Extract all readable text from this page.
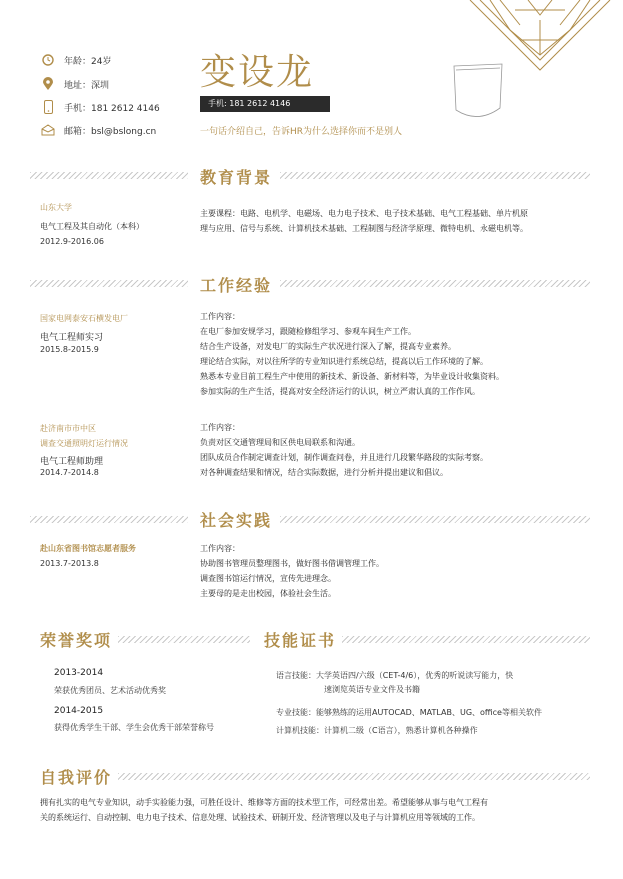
年龄：24岁
地址：深圳
手机：181 2612 4146
邮箱：bsl@bslong.cn
变设龙
手机: 181 2612 4146
一句话介绍自己，告诉HR为什么选择你而不是别人
教育背景
山东大学
电气工程及其自动化（本科）
2012.9-2016.06
主要课程：电路、电机学、电磁场、电力电子技术、电子技术基础、电气工程基础、单片机原
理与应用、信号与系统、计算机技术基础、工程制图与经济学原理、微特电机、永磁电机等。
工作经验
国家电网泰安石横发电厂
电气工程师实习
2015.8-2015.9
工作内容：
在电厂参加安规学习，跟随检修组学习、参观车间生产工作。
结合生产设备，对发电厂的实际生产状况进行深入了解，提高专业素养。
理论结合实际，对以往所学的专业知识进行系统总结，提高以后工作环境的了解。
熟悉本专业目前工程生产中使用的新技术、新设备、新材料等，为毕业设计收集资料。
参加实际的生产生活，提高对安全经济运行的认识，树立严肃认真的工作作风。
赴济南市市中区
调查交通照明灯运行情况
电气工程师助理
2014.7-2014.8
工作内容：
负责对区交通管理局和区供电局联系和沟通。
团队成员合作制定调查计划，制作调查问卷，并且进行几段繁华路段的实际考察。
对各种调查结果和情况，结合实际数据，进行分析并提出建议和倡议。
社会实践
赴山东省图书馆志愿者服务
2013.7-2013.8
工作内容：
协助图书管理员整理图书，做好图书借调管理工作。
调查图书馆运行情况，宣传先进理念。
主要母的是走出校园，体验社会生活。
荣誉奖项
2013-2014
荣获优秀团员、艺术活动优秀奖
2014-2015
获得优秀学生干部、学生会优秀干部荣誉称号
技能证书
语言技能：大学英语四/六级（CET-4/6），优秀的听说读写能力，快
速浏览英语专业文件及书籍
专业技能：能够熟练的运用AUTOCAD、MATLAB、UG、office等相关软件
计算机技能：计算机二级（C语言），熟悉计算机各种操作
自我评价
拥有扎实的电气专业知识，动手实验能力强，可胜任设计、维修等方面的技术型工作，可经常出差。希望能够从事与电气工程有
关的系统运行、自动控制、电力电子技术、信息处理、试验技术、研制开发、经济管理以及电子与计算机应用等领域的工作。
